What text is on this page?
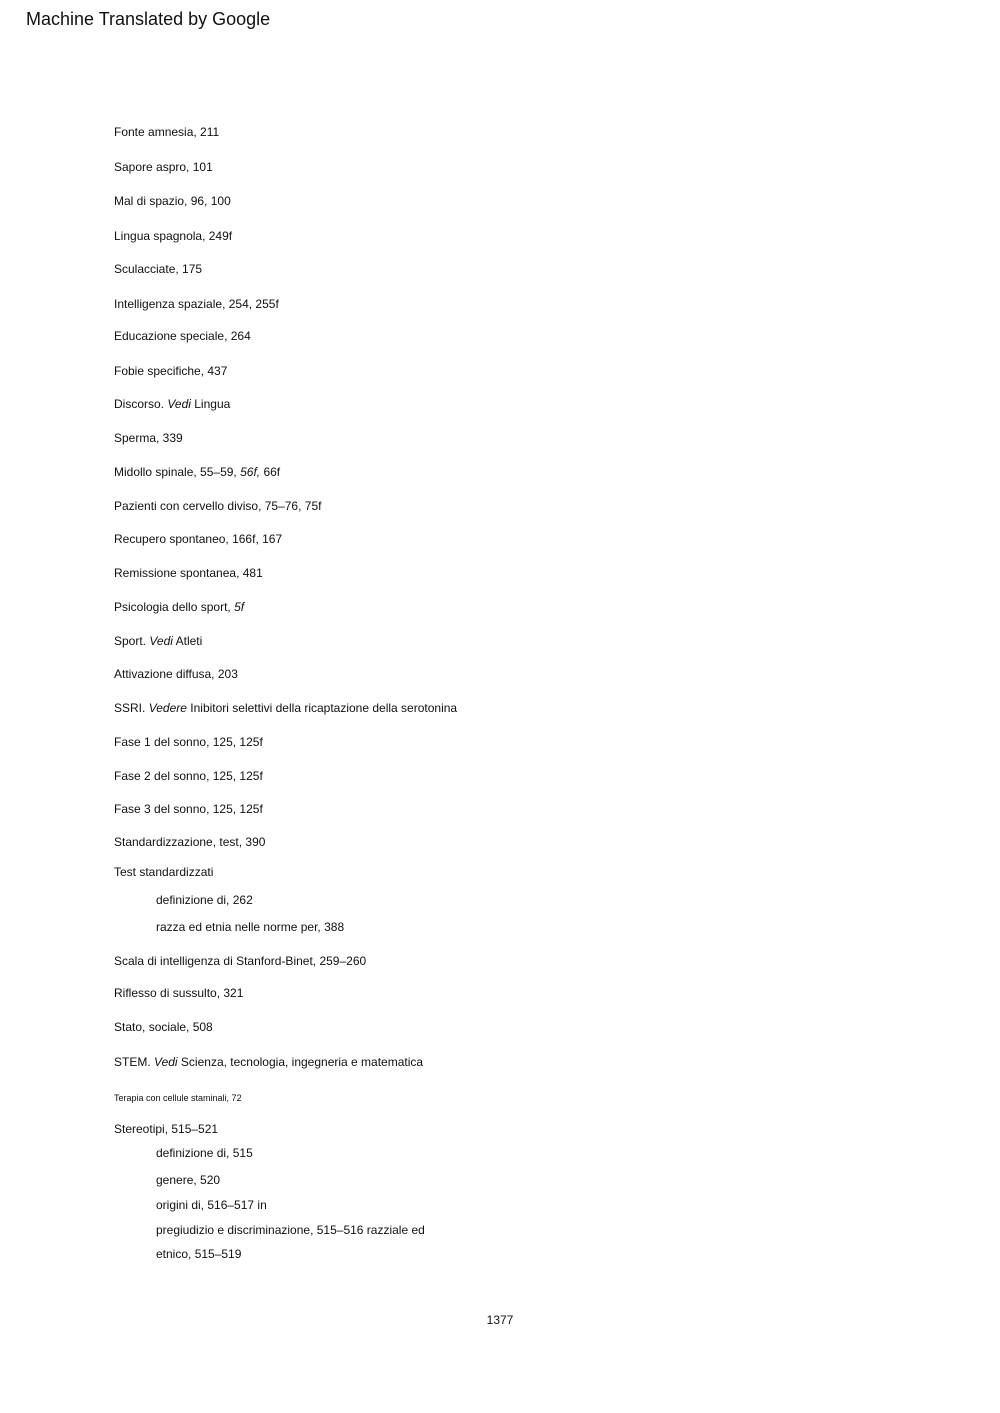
Machine Translated by Google
Fonte amnesia, 211
Sapore aspro, 101
Mal di spazio, 96, 100
Lingua spagnola, 249f
Sculacciate, 175
Intelligenza spaziale, 254, 255f
Educazione speciale, 264
Fobie specifiche, 437
Discorso. Vedi Lingua
Sperma, 339
Midollo spinale, 55–59, 56f, 66f
Pazienti con cervello diviso, 75–76, 75f
Recupero spontaneo, 166f, 167
Remissione spontanea, 481
Psicologia dello sport, 5f
Sport. Vedi Atleti
Attivazione diffusa, 203
SSRI. Vedere Inibitori selettivi della ricaptazione della serotonina
Fase 1 del sonno, 125, 125f
Fase 2 del sonno, 125, 125f
Fase 3 del sonno, 125, 125f
Standardizzazione, test, 390
Test standardizzati
definizione di, 262
razza ed etnia nelle norme per, 388
Scala di intelligenza di Stanford-Binet, 259–260
Riflesso di sussulto, 321
Stato, sociale, 508
STEM. Vedi Scienza, tecnologia, ingegneria e matematica
Terapia con cellule staminali, 72
Stereotipi, 515–521
definizione di, 515
genere, 520
origini di, 516–517 in
pregiudizio e discriminazione, 515–516 razziale ed
etnico, 515–519
1377
